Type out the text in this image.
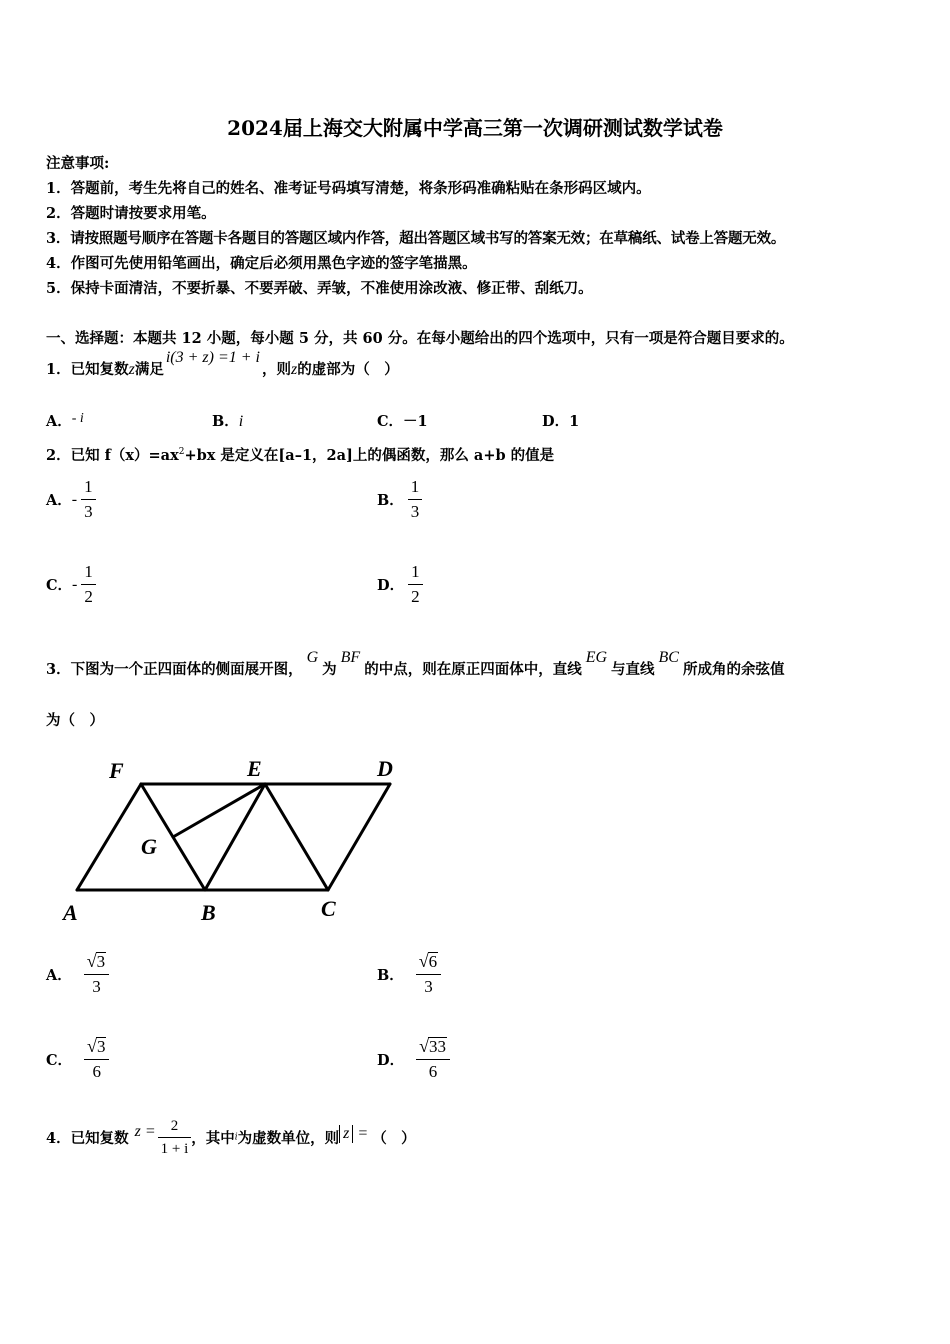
2024届上海交大附属中学高三第一次调研测试数学试卷
注意事项:
1．答题前，考生先将自己的姓名、准考证号码填写清楚，将条形码准确粘贴在条形码区域内。
2．答题时请按要求用笔。
3．请按照题号顺序在答题卡各题目的答题区域内作答，超出答题区域书写的答案无效；在草稿纸、试卷上答题无效。
4．作图可先使用铅笔画出，确定后必须用黑色字迹的签字笔描黑。
5．保持卡面清洁，不要折暴、不要弄破、弄皱，不准使用涂改液、修正带、刮纸刀。
一、选择题：本题共 12 小题，每小题 5 分，共 60 分。在每小题给出的四个选项中，只有一项是符合题目要求的。
1．已知复数z满足i(3 + z) =1 + i，则z的虚部为（　）
A．- i	B．i	C．－1	D．1
2．已知 $f(x)=ax^2+bx$ 是定义在[a–1，2a]上的偶函数，那么 a+b 的值是
A．- $\frac{1}{3}$	B． $\frac{1}{3}$
C．- $\frac{1}{2}$	D． $\frac{1}{2}$
3．下图为一个正四面体的侧面展开图，G为BF的中点，则在原正四面体中，直线EG与直线BC所成角的余弦值
为（　）
F	E	D
G
A	B	C
A． $\frac{√3}{3}$	B． $\frac{√6}{3}$
C． $\frac{√3}{6}$	D． $\frac{√33}{6}$
4．已知复数 $z = \frac{2}{1 + i}$ ，其中i为虚数单位，则 z = （　）
